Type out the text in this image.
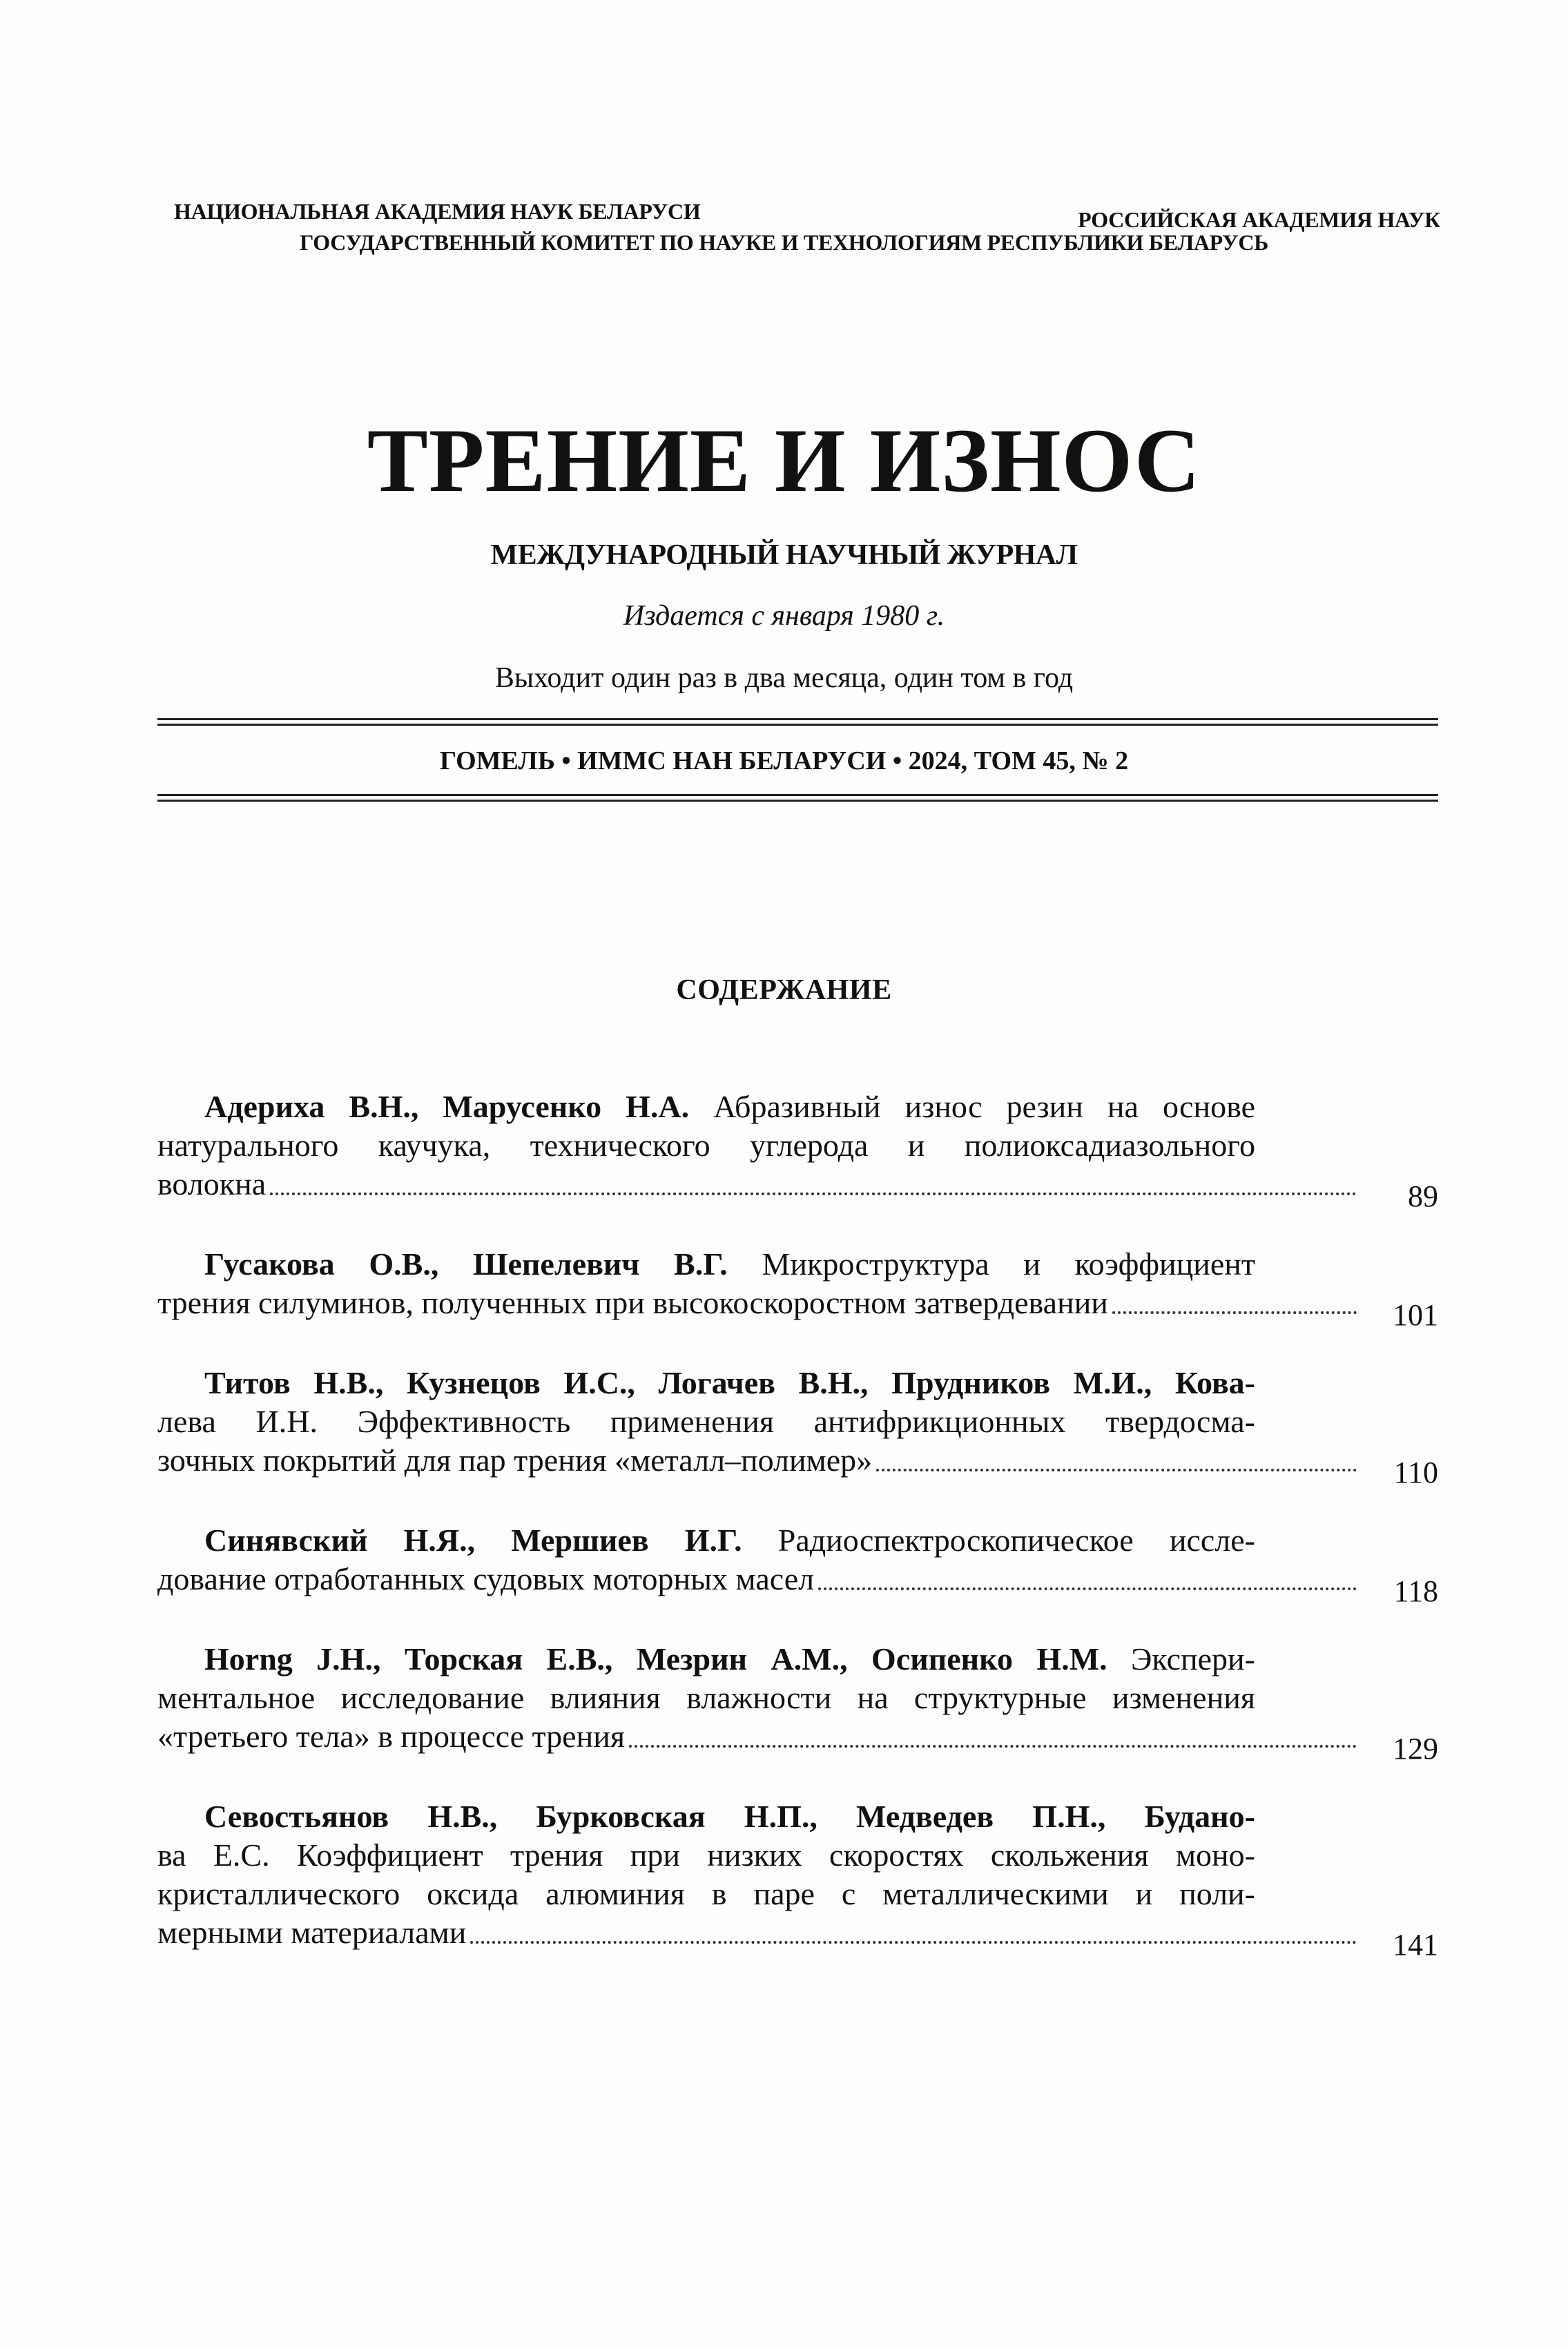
НАЦИОНАЛЬНАЯ АКАДЕМИЯ НАУК БЕЛАРУСИ	РОССИЙСКАЯ АКАДЕМИЯ НАУК
ГОСУДАРСТВЕННЫЙ КОМИТЕТ ПО НАУКЕ И ТЕХНОЛОГИЯМ РЕСПУБЛИКИ БЕЛАРУСЬ
ТРЕНИЕ И ИЗНОС
МЕЖДУНАРОДНЫЙ НАУЧНЫЙ ЖУРНАЛ
Издается с января 1980 г.
Выходит один раз в два месяца, один том в год
ГОМЕЛЬ • ИММС НАН БЕЛАРУСИ • 2024, ТОМ 45, № 2
СОДЕРЖАНИЕ
Адериха В.Н., Марусенко Н.А. Абразивный износ резин на основе
натурального каучука, технического углерода и полиоксадиазольного
волокна	89
Гусакова О.В., Шепелевич В.Г. Микроструктура и коэффициент
трения силуминов, полученных при высокоскоростном затвердевании	101
Титов Н.В., Кузнецов И.С., Логачев В.Н., Прудников М.И., Кова-
лева И.Н. Эффективность применения антифрикционных твердосма-
зочных покрытий для пар трения «металл–полимер»	110
Синявский Н.Я., Мершиев И.Г. Радиоспектроскопическое иссле-
дование отработанных судовых моторных масел	118
Horng J.H., Торская Е.В., Мезрин А.М., Осипенко Н.М. Экспери-
ментальное исследование влияния влажности на структурные изменения
«третьего тела» в процессе трения	129
Севостьянов Н.В., Бурковская Н.П., Медведев П.Н., Будано-
ва Е.С. Коэффициент трения при низких скоростях скольжения моно-
кристаллического оксида алюминия в паре с металлическими и поли-
мерными материалами	141
